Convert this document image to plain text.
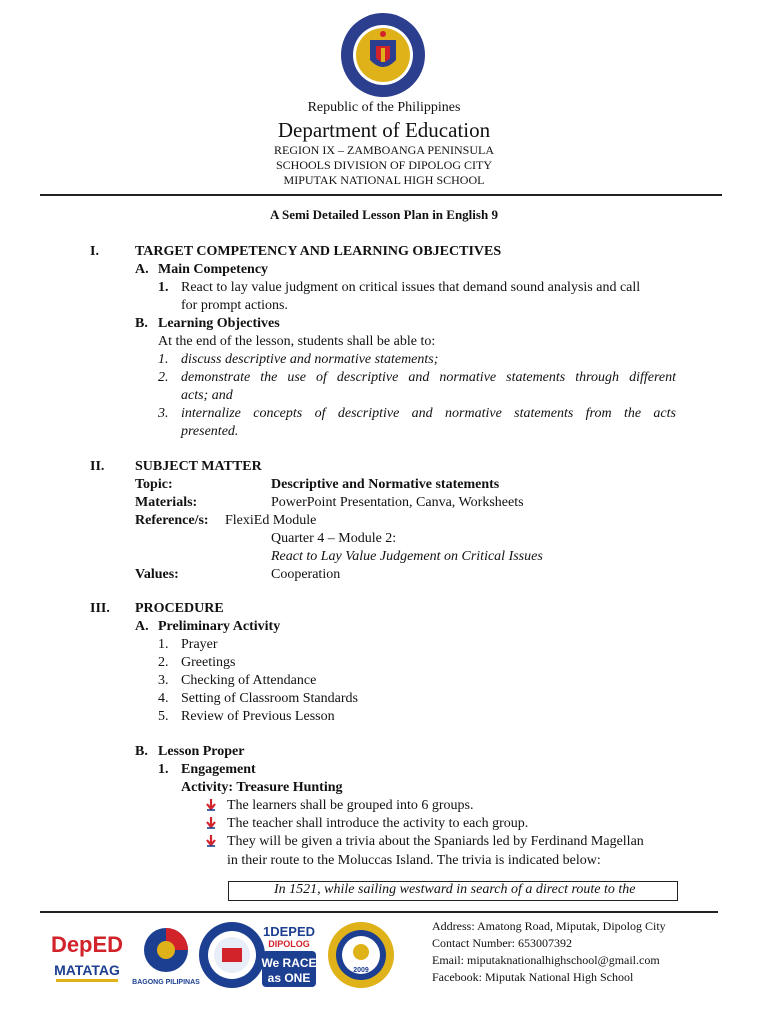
Republic of the Philippines
Department of Education
REGION IX – ZAMBOANGA PENINSULA
SCHOOLS DIVISION OF DIPOLOG CITY
MIPUTAK NATIONAL HIGH SCHOOL
A Semi Detailed Lesson Plan in English 9
I.	TARGET COMPETENCY AND LEARNING OBJECTIVES
A. Main Competency
1. React to lay value judgment on critical issues that demand sound analysis and call
for prompt actions.
B. Learning Objectives
At the end of the lesson, students shall be able to:
1. discuss descriptive and normative statements;
2. demonstrate the use of descriptive and normative statements through different
acts; and
3. internalize concepts of descriptive and normative statements from the acts
presented.
II. SUBJECT MATTER
Topic:	Descriptive and Normative statements
Materials:	PowerPoint Presentation, Canva, Worksheets
Reference/s: FlexiEd Module
Quarter 4 – Module 2:
React to Lay Value Judgement on Critical Issues
Values:	Cooperation
III. PROCEDURE
A. Preliminary Activity
1. Prayer
2. Greetings
3. Checking of Attendance
4. Setting of Classroom Standards
5. Review of Previous Lesson
B. Lesson Proper
1. Engagement
Activity: Treasure Hunting
The learners shall be grouped into 6 groups.
The teacher shall introduce the activity to each group.
They will be given a trivia about the Spaniards led by Ferdinand Magellan
in their route to the Moluccas Island. The trivia is indicated below:
In 1521, while sailing westward in search of a direct route to the
DepED
MATATAG
BAGONG PILIPINAS
1DEPED
DIPOLOG
We RACE
as ONE
2009
Address: Amatong Road, Miputak, Dipolog City
Contact Number: 653007392
Email: miputaknationalhighschool@gmail.com
Facebook: Miputak National High School
